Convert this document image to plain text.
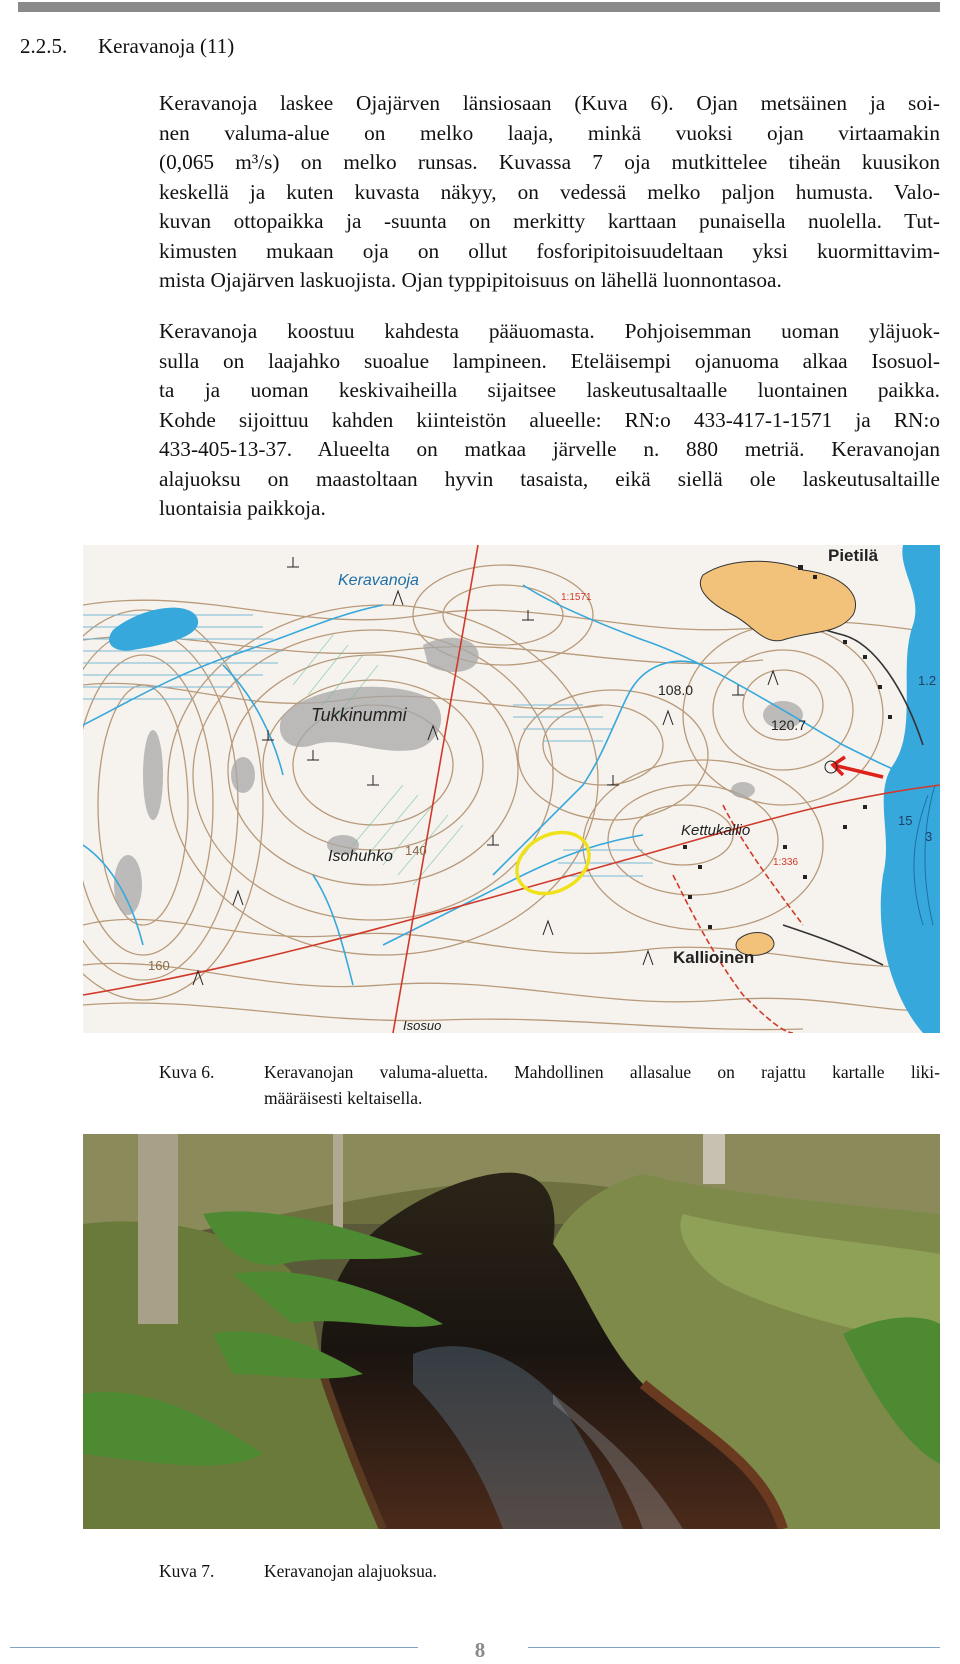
2.2.5. Keravanoja (11)

Keravanoja laskee Ojajärven länsiosaan (Kuva 6). Ojan metsäinen ja soi-
nen valuma-alue on melko laaja, minkä vuoksi ojan virtaamakin
(0,065 m³/s) on melko runsas. Kuvassa 7 oja mutkittelee tiheän kuusikon
keskellä ja kuten kuvasta näkyy, on vedessä melko paljon humusta. Valo-
kuvan ottopaikka ja -suunta on merkitty karttaan punaisella nuolella. Tut-
kimusten mukaan oja on ollut fosforipitoisuudeltaan yksi kuormittavim-
mista Ojajärven laskuojista. Ojan typpipitoisuus on lähellä luonnontasoa.

Keravanoja koostuu kahdesta pääuomasta. Pohjoisemman uoman yläjuok-
sulla on laajahko suoalue lampineen. Eteläisempi ojanuoma alkaa Isosuol-
ta ja uoman keskivaiheilla sijaitsee laskeutusaltaalle luontainen paikka.
Kohde sijoittuu kahden kiinteistön alueelle: RN:o 433-417-1-1571 ja RN:o
433-405-13-37. Alueelta on matkaa järvelle n. 880 metriä. Keravanojan
alajuoksu on maastoltaan hyvin tasaista, eikä siellä ole laskeutusaltaille
luontaisia paikkoja.

Keravanoja
Pietilä
Tukkinummi
Isohuhko
Kettukallio
Kallioinen
Isosuo
108.0
120.7
140
160
1:1571
1:336
1.2
15
3
Kuva 6.	Keravanojan valuma-aluetta. Mahdollinen allasalue on rajattu kartalle liki-
määräisesti keltaisella.
Kuva 7.	Keravanojan alajuoksua.
8
